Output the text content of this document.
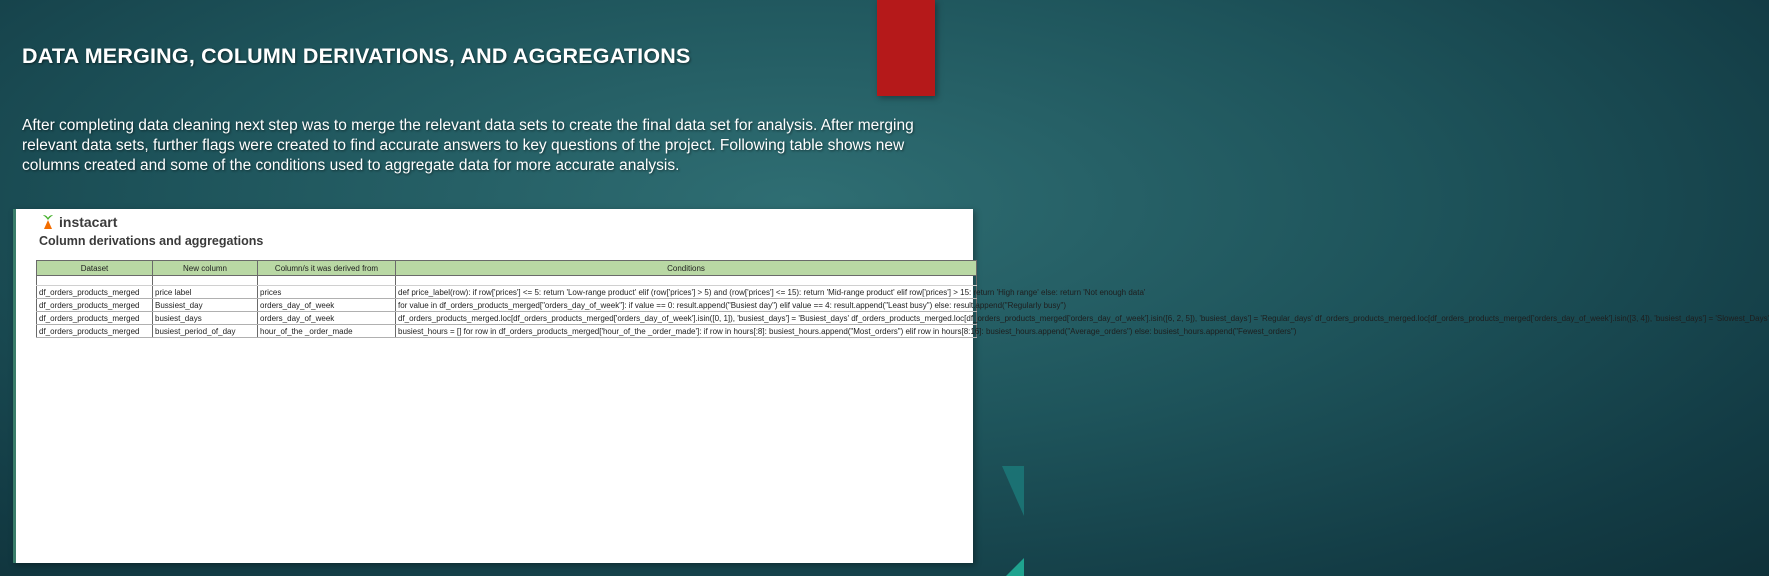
DATA MERGING, COLUMN DERIVATIONS, AND AGGREGATIONS
After completing data cleaning next step was to merge the relevant data sets to create the final data set for analysis. After merging relevant data sets, further flags were created to find accurate answers to key questions of the project. Following table shows new columns created and some of the conditions used to aggregate data for more accurate analysis.
instacart
Column derivations and aggregations
Dataset	New column	Column/s it was derived from	Conditions

df_orders_products_merged	price label	prices	def price_label(row): if row['prices'] <= 5: return 'Low-range product' elif (row['prices'] > 5) and (row['prices'] <= 15): return 'Mid-range product' elif row['prices'] > 15: return 'High range' else: return 'Not enough data'
df_orders_products_merged	Bussiest_day	orders_day_of_week	for value in df_orders_products_merged["orders_day_of_week"]: if value == 0: result.append("Busiest day") elif value == 4: result.append("Least busy") else: result.append("Regularly busy")
df_orders_products_merged	busiest_days	orders_day_of_week	df_orders_products_merged.loc[df_orders_products_merged['orders_day_of_week'].isin([0, 1]), 'busiest_days'] = 'Busiest_days' df_orders_products_merged.loc[df_orders_products_merged['orders_day_of_week'].isin([6, 2, 5]), 'busiest_days'] = 'Regular_days' df_orders_products_merged.loc[df_orders_products_merged['orders_day_of_week'].isin([3, 4]), 'busiest_days'] = 'Slowest_Days'
df_orders_products_merged	busiest_period_of_day	hour_of_the _order_made	busiest_hours = [] for row in df_orders_products_merged['hour_of_the _order_made']: if row in hours[:8]: busiest_hours.append("Most_orders") elif row in hours[8:16]: busiest_hours.append("Average_orders") else: busiest_hours.append("Fewest_orders")
